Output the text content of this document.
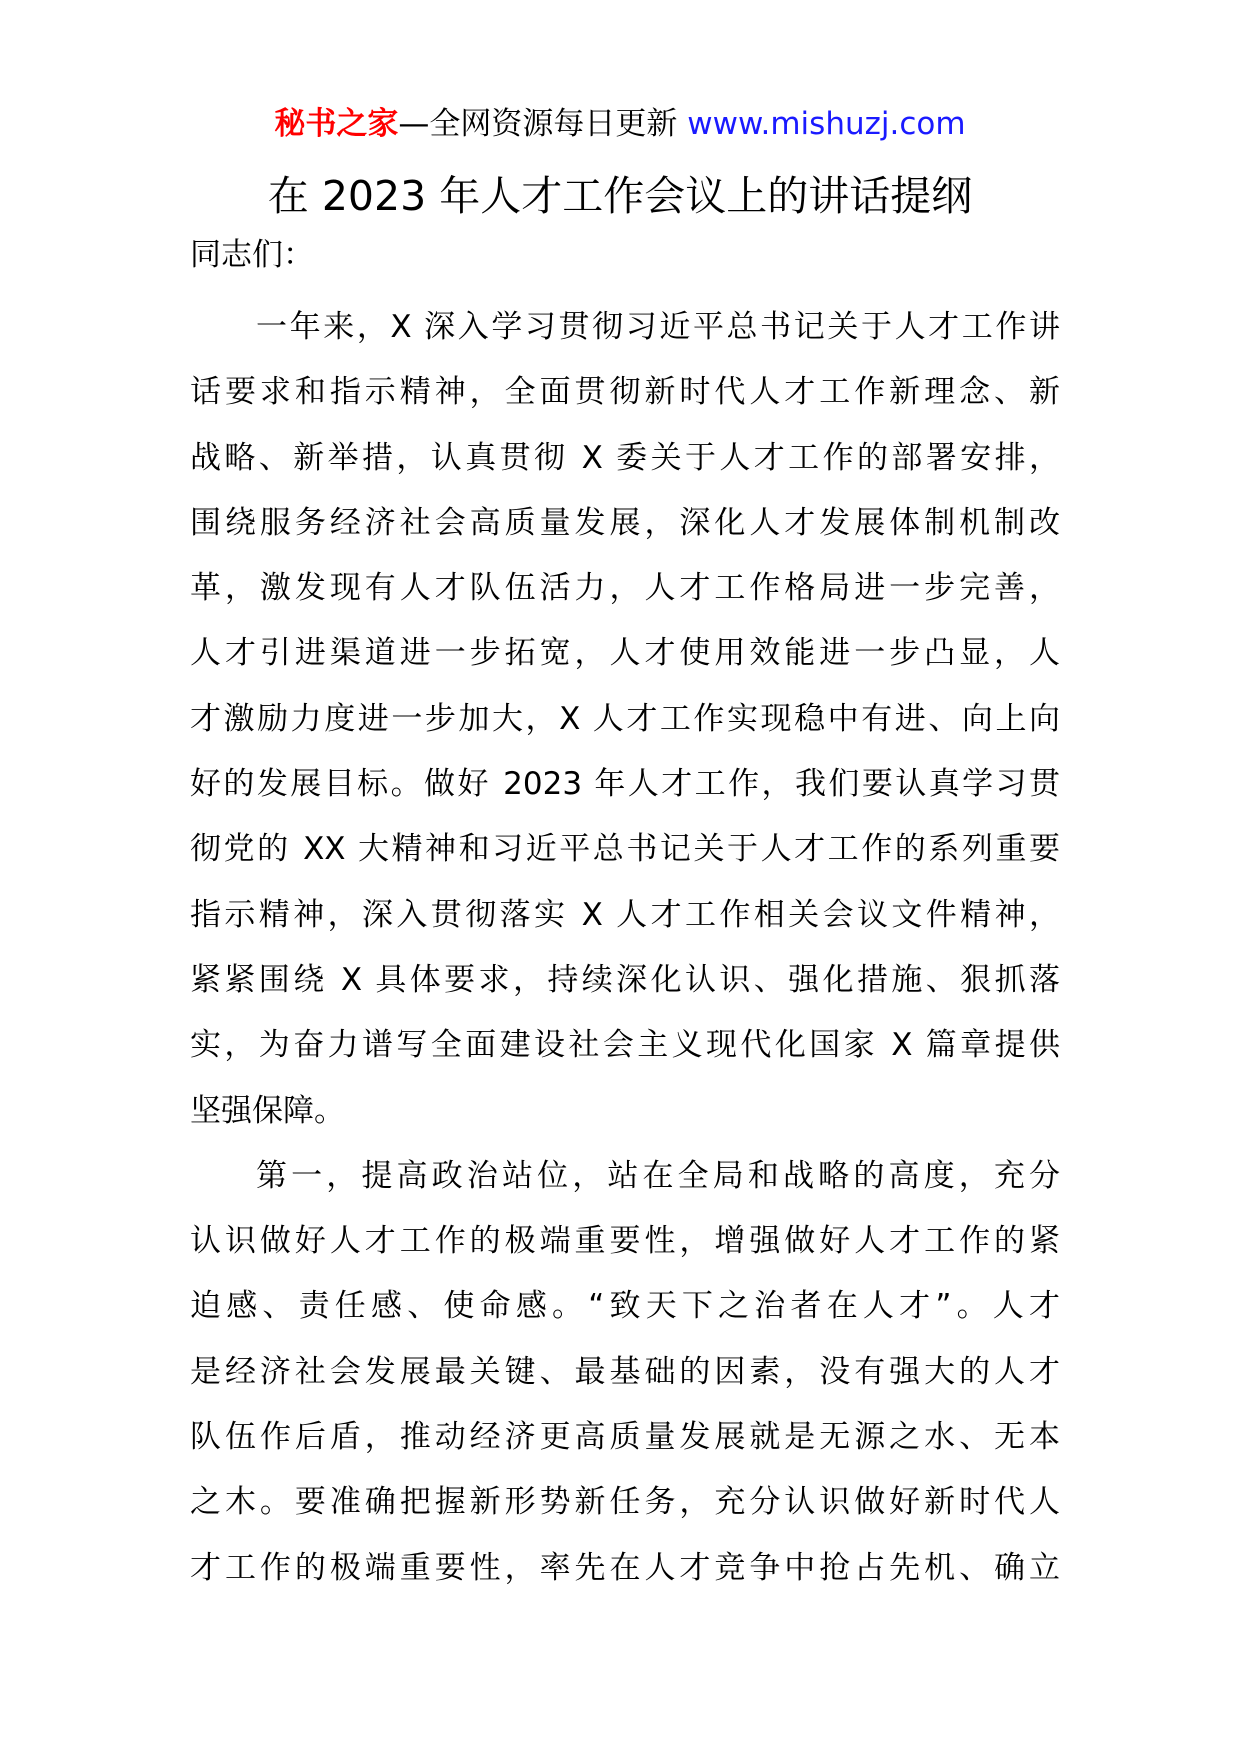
秘书之家—全网资源每日更新 www.mishuzj.com
在 2023 年人才工作会议上的讲话提纲
同志们：
一年来，X 深入学习贯彻习近平总书记关于人才工作讲
话要求和指示精神，全面贯彻新时代人才工作新理念、新
战略、新举措，认真贯彻 X 委关于人才工作的部署安排，
围绕服务经济社会高质量发展，深化人才发展体制机制改
革，激发现有人才队伍活力，人才工作格局进一步完善，
人才引进渠道进一步拓宽，人才使用效能进一步凸显，人
才激励力度进一步加大，X 人才工作实现稳中有进、向上向
好的发展目标。做好 2023 年人才工作，我们要认真学习贯
彻党的 XX 大精神和习近平总书记关于人才工作的系列重要
指示精神，深入贯彻落实 X 人才工作相关会议文件精神，
紧紧围绕 X 具体要求，持续深化认识、强化措施、狠抓落
实，为奋力谱写全面建设社会主义现代化国家 X 篇章提供
坚强保障。
第一，提高政治站位，站在全局和战略的高度，充分
认识做好人才工作的极端重要性，增强做好人才工作的紧
迫感、责任感、使命感。“致天下之治者在人才”。人才
是经济社会发展最关键、最基础的因素，没有强大的人才
队伍作后盾，推动经济更高质量发展就是无源之水、无本
之木。要准确把握新形势新任务，充分认识做好新时代人
才工作的极端重要性，率先在人才竞争中抢占先机、确立
